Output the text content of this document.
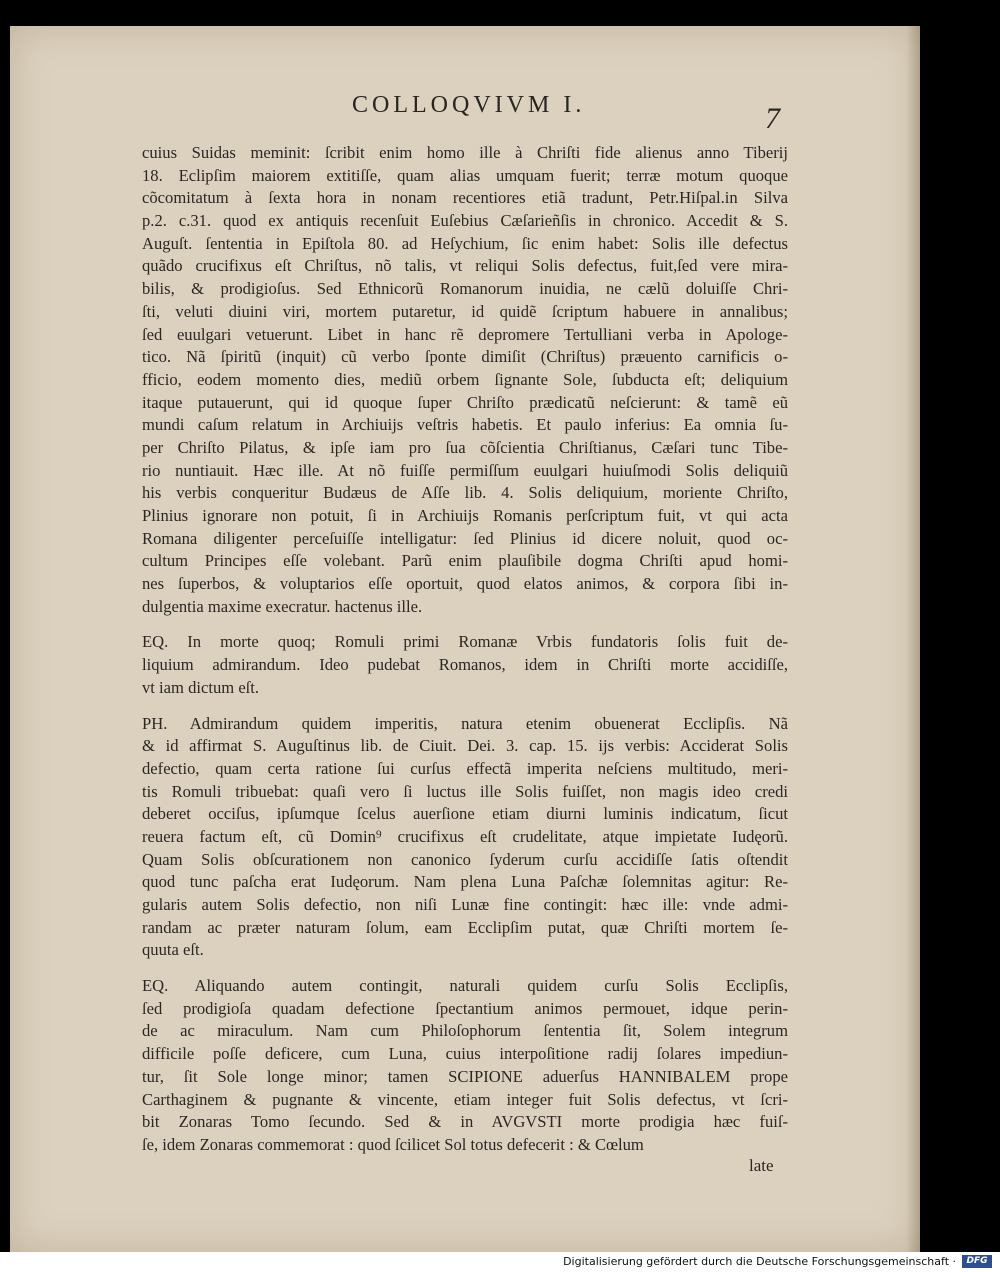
COLLOQVIVM I.	7
cuius Suidas meminit: ſcribit enim homo ille à Chriſti fide alienus anno Tiberij
18. Eclipſim maiorem extitiſſe, quam alias umquam fuerit; terræ motum quoque
cõcomitatum à ſexta hora in nonam recentiores etiã tradunt, Petr.Hiſpal.in Silva
p.2. c.31. quod ex antiquis recenſuit Euſebius Cæſarieñſis in chronico. Accedit & S.
Auguſt. ſententia in Epiſtola 80. ad Heſychium, ſic enim habet: Solis ille defectus
quãdo crucifixus eſt Chriſtus, nõ talis, vt reliqui Solis defectus, fuit,ſed vere mira-
bilis, & prodigioſus. Sed Ethnicorũ Romanorum inuidia, ne cælũ doluiſſe Chri-
ſti, veluti diuini viri, mortem putaretur, id quidẽ ſcriptum habuere in annalibus;
ſed euulgari vetuerunt. Libet in hanc rẽ depromere Tertulliani verba in Apologe-
tico. Nã ſpiritũ (inquit) cũ verbo ſponte dimiſit (Chriſtus) præuento carnificis o-
fficio, eodem momento dies, mediũ orbem ſignante Sole, ſubducta eſt; deliquium
itaque putauerunt, qui id quoque ſuper Chriſto prædicatũ neſcierunt: & tamẽ eũ
mundi caſum relatum in Archiuijs veſtris habetis. Et paulo inferius: Ea omnia ſu-
per Chriſto Pilatus, & ipſe iam pro ſua cõſcientia Chriſtianus, Cæſari tunc Tibe-
rio nuntiauit. Hæc ille. At nõ fuiſſe permiſſum euulgari huiuſmodi Solis deliquiũ
his verbis conqueritur Budæus de Aſſe lib. 4. Solis deliquium, moriente Chriſto,
Plinius ignorare non potuit, ſi in Archiuijs Romanis perſcriptum fuit, vt qui acta
Romana diligenter perceſuiſſe intelligatur: ſed Plinius id dicere noluit, quod oc-
cultum Principes eſſe volebant. Parũ enim plauſibile dogma Chriſti apud homi-
nes ſuperbos, & voluptarios eſſe oportuit, quod elatos animos, & corpora ſibi in-
dulgentia maxime execratur. hactenus ille.
EQ. In morte quoq; Romuli primi Romanæ Vrbis fundatoris ſolis fuit de-
liquium admirandum. Ideo pudebat Romanos, idem in Chriſti morte accidiſſe,
vt iam dictum eſt.
PH. Admirandum quidem imperitis, natura etenim obuenerat Ecclipſis. Nã
& id affirmat S. Auguſtinus lib. de Ciuit. Dei. 3. cap. 15. ijs verbis: Acciderat Solis
defectio, quam certa ratione ſui curſus effectã imperita neſciens multitudo, meri-
tis Romuli tribuebat: quaſi vero ſi luctus ille Solis fuiſſet, non magis ideo credi
deberet occiſus, ipſumque ſcelus auerſione etiam diurni luminis indicatum, ſicut
reuera factum eſt, cũ Domin⁹ crucifixus eſt crudelitate, atque impietate Iudęorũ.
Quam Solis obſcurationem non canonico ſyderum curſu accidiſſe ſatis oſtendit
quod tunc paſcha erat Iudęorum. Nam plena Luna Paſchæ ſolemnitas agitur: Re-
gularis autem Solis defectio, non niſi Lunæ fine contingit: hæc ille: vnde admi-
randam ac præter naturam ſolum, eam Ecclipſim putat, quæ Chriſti mortem ſe-
quuta eſt.
EQ. Aliquando autem contingit, naturali quidem curſu Solis Ecclipſis,
ſed prodigioſa quadam defectione ſpectantium animos permouet, idque perin-
de ac miraculum. Nam cum Philoſophorum ſententia ſit, Solem integrum
difficile poſſe deficere, cum Luna, cuius interpoſitione radij ſolares impediun-
tur, ſit Sole longe minor; tamen SCIPIONE aduerſus HANNIBALEM prope
Carthaginem & pugnante & vincente, etiam integer fuit Solis defectus, vt ſcri-
bit Zonaras Tomo ſecundo. Sed & in AVGVSTI morte prodigia hæc fuiſ-
ſe, idem Zonaras commemorat : quod ſcilicet Sol totus defecerit : & Cœlum
late
Digitalisierung gefördert durch die Deutsche Forschungsgemeinschaft ·	DFG
